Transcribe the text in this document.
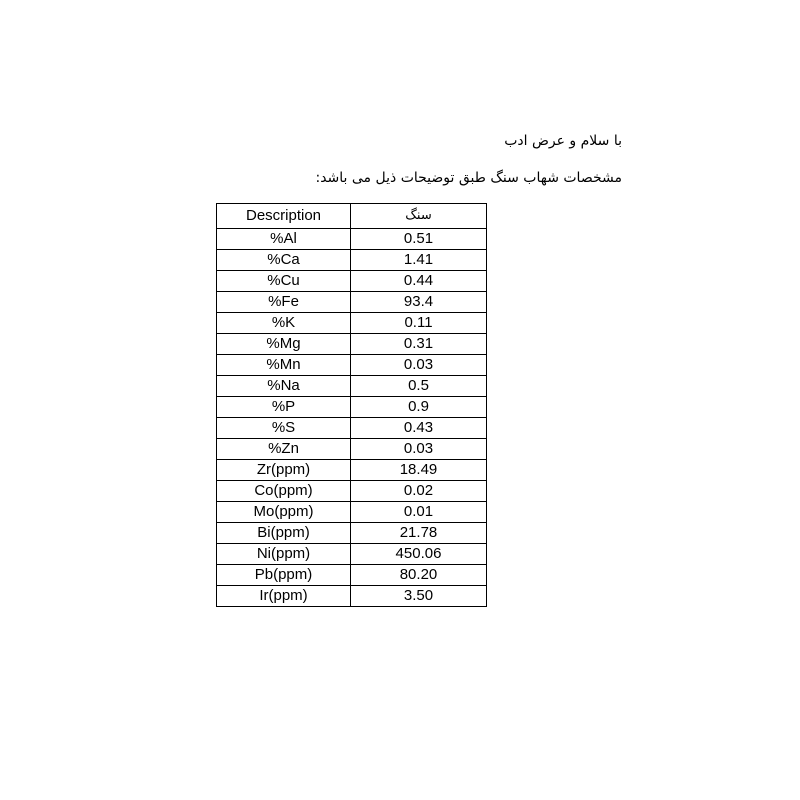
با سلام و عرض ادب
مشخصات شهاب سنگ طبق توضیحات ذیل می باشد:
Description	سنگ
%Al	0.51
%Ca	1.41
%Cu	0.44
%Fe	93.4
%K	0.11
%Mg	0.31
%Mn	0.03
%Na	0.5
%P	0.9
%S	0.43
%Zn	0.03
Zr(ppm)	18.49
Co(ppm)	0.02
Mo(ppm)	0.01
Bi(ppm)	21.78
Ni(ppm)	450.06
Pb(ppm)	80.20
Ir(ppm)	3.50
